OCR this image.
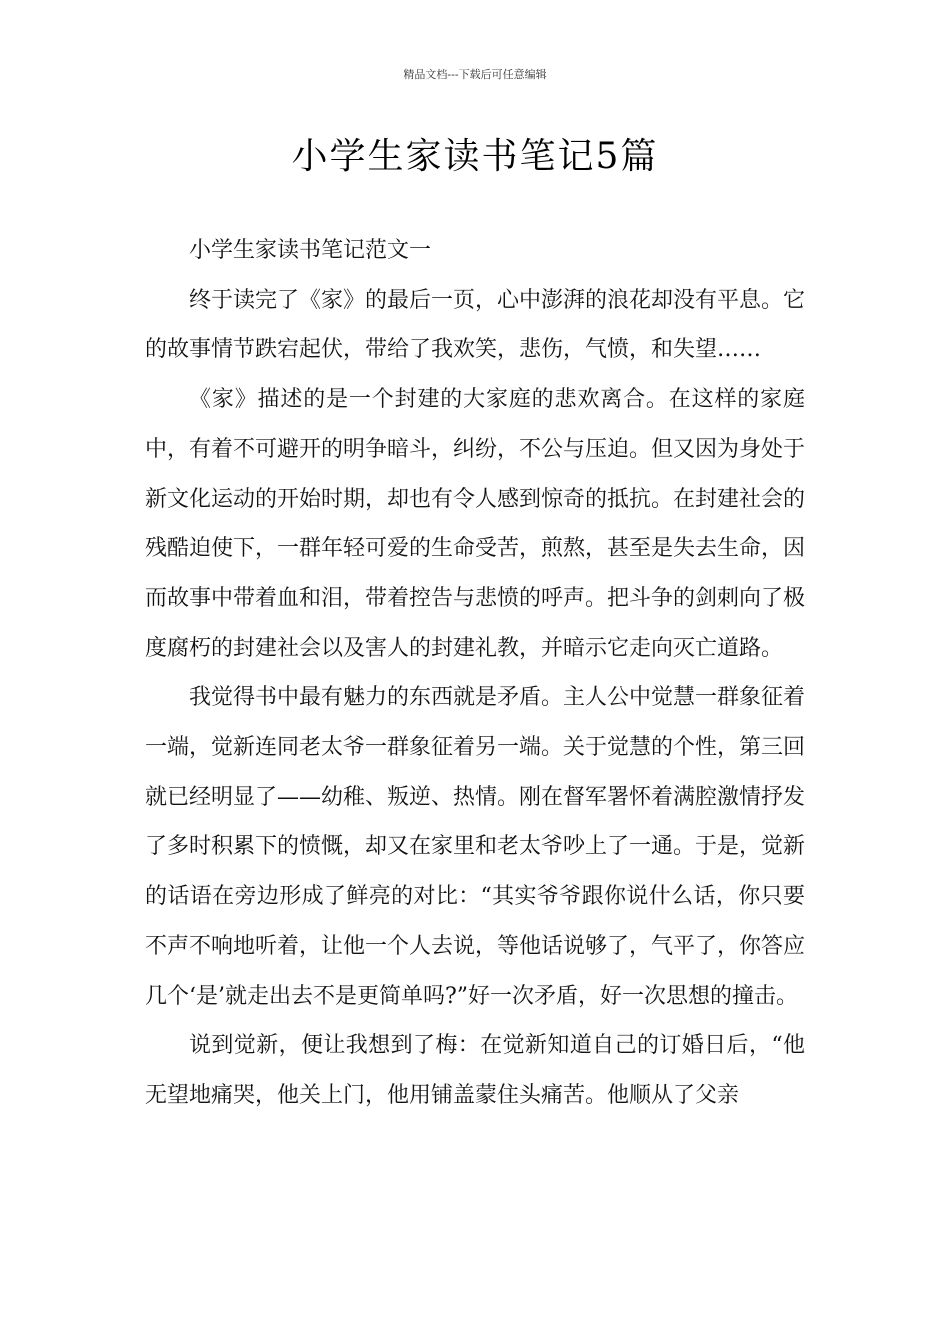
精品文档---下载后可任意编辑
小学生家读书笔记5篇

小学生家读书笔记范文一

终于读完了《家》的最后一页，心中澎湃的浪花却没有平息。它的故事情节跌宕起伏，带给了我欢笑，悲伤，气愤，和失望……

《家》描述的是一个封建的大家庭的悲欢离合。在这样的家庭中，有着不可避开的明争暗斗，纠纷，不公与压迫。但又因为身处于新文化运动的开始时期，却也有令人感到惊奇的抵抗。在封建社会的残酷迫使下，一群年轻可爱的生命受苦，煎熬，甚至是失去生命，因而故事中带着血和泪，带着控告与悲愤的呼声。把斗争的剑刺向了极度腐朽的封建社会以及害人的封建礼教，并暗示它走向灭亡道路。

我觉得书中最有魅力的东西就是矛盾。主人公中觉慧一群象征着一端，觉新连同老太爷一群象征着另一端。关于觉慧的个性，第三回就已经明显了——幼稚、叛逆、热情。刚在督军署怀着满腔激情抒发了多时积累下的愤慨，却又在家里和老太爷吵上了一通。于是，觉新的话语在旁边形成了鲜亮的对比：“其实爷爷跟你说什么话，你只要不声不响地听着，让他一个人去说，等他话说够了，气平了，你答应几个‘是’就走出去不是更简单吗?”好一次矛盾，好一次思想的撞击。

说到觉新，便让我想到了梅：在觉新知道自己的订婚日后，“他无望地痛哭，他关上门，他用铺盖蒙住头痛苦。他顺从了父亲
